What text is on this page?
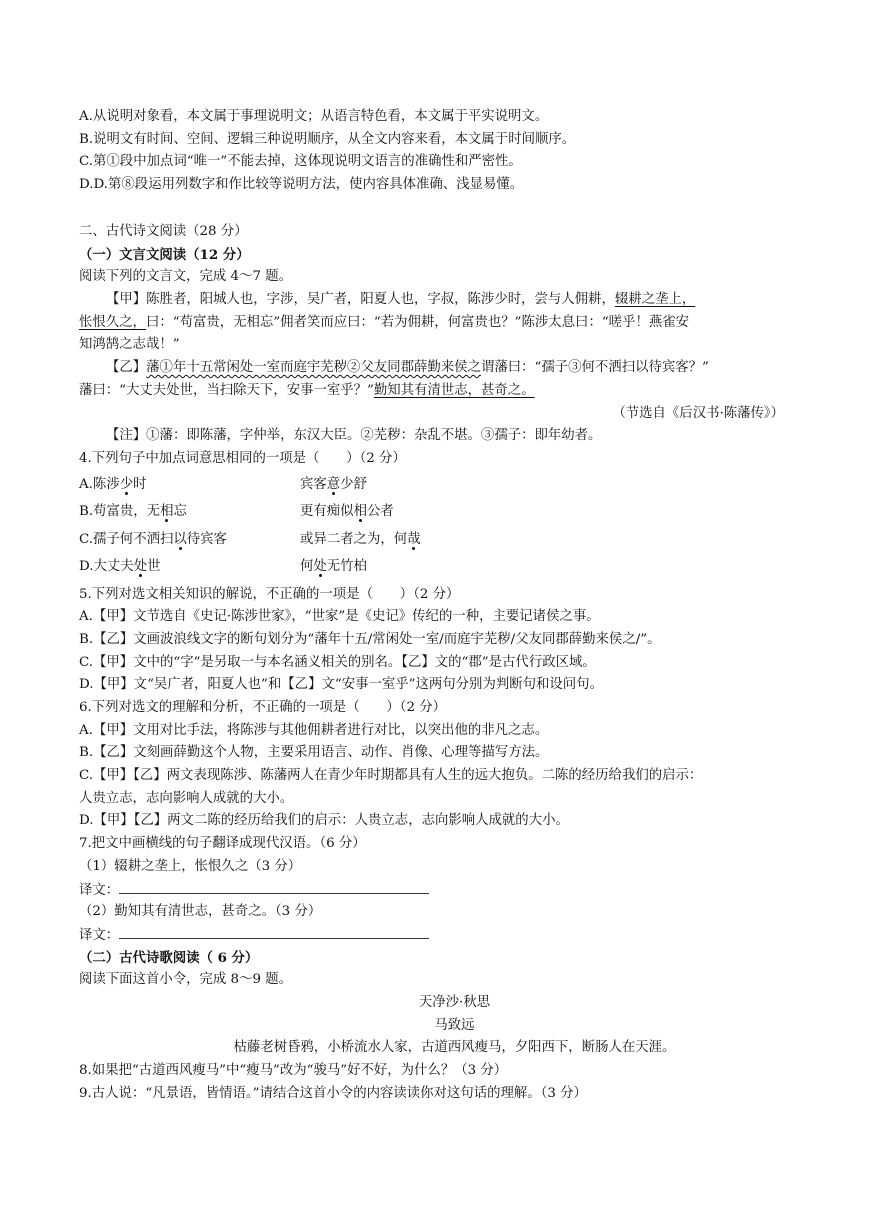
A.从说明对象看，本文属于事理说明文；从语言特色看，本文属于平实说明文。
B.说明文有时间、空间、逻辑三种说明顺序，从全文内容来看，本文属于时间顺序。
C.第①段中加点词“唯一”不能去掉，这体现说明文语言的准确性和严密性。
D.D.第⑧段运用列数字和作比较等说明方法，使内容具体准确、浅显易懂。
二、古代诗文阅读（28 分）
（一）文言文阅读（12 分）
阅读下列的文言文，完成 4～7 题。
【甲】陈胜者，阳城人也，字涉，吴广者，阳夏人也，字叔，陈涉少时，尝与人佣耕，辍耕之垄上，
怅恨久之，曰：“苟富贵，无相忘”佣者笑而应曰：“若为佣耕，何富贵也？”陈涉太息曰：“嗟乎！燕雀安
知鸿鹄之志哉！”
【乙】藩①年十五常闲处一室而庭宇芜秽②父友同郡薛勤来侯之谓藩曰：“孺子③何不洒扫以待宾客？”
藩曰：“大丈夫处世，当扫除天下，安事一室乎？”勤知其有清世志，甚奇之。
（节选自《后汉书·陈藩传》）
【注】①藩：即陈藩，字仲举，东汉大臣。②芜秽：杂乱不堪。③孺子：即年幼者。
4.下列句子中加点词意思相同的一项是（　　）（2 分）
A.陈涉少时	宾客意少舒
B.苟富贵，无相忘	更有痴似相公者
C.孺子何不洒扫以待宾客	或异二者之为，何哉
D.大丈夫处世	何处无竹柏
5.下列对选文相关知识的解说，不正确的一项是（　　）（2 分）
A.【甲】文节选自《史记·陈涉世家》，“世家”是《史记》传纪的一种，主要记诸侯之事。
B.【乙】文画波浪线文字的断句划分为“藩年十五/常闲处一室/而庭宇芜秽/父友同郡薛勤来侯之/”。
C.【甲】文中的“字”是另取一与本名涵义相关的别名。【乙】文的“郡”是古代行政区域。
D.【甲】文“吴广者，阳夏人也”和【乙】文“安事一室乎”这两句分别为判断句和设问句。
6.下列对选文的理解和分析，不正确的一项是（　　）（2 分）
A.【甲】文用对比手法，将陈涉与其他佣耕者进行对比，以突出他的非凡之志。
B.【乙】文刻画薛勤这个人物，主要采用语言、动作、肖像、心理等描写方法。
C.【甲】【乙】两文表现陈涉、陈藩两人在青少年时期都具有人生的远大抱负。二陈的经历给我们的启示：
人贵立志，志向影响人成就的大小。
D.【甲】【乙】两文二陈的经历给我们的启示：人贵立志，志向影响人成就的大小。
7.把文中画横线的句子翻译成现代汉语。（6 分）
（1）辍耕之垄上，怅恨久之（3 分）
译文：
（2）勤知其有清世志，甚奇之。（3 分）
译文：
（二）古代诗歌阅读（ 6 分）
阅读下面这首小令，完成 8～9 题。
天净沙·秋思
马致远
枯藤老树昏鸦，小桥流水人家，古道西风瘦马，夕阳西下，断肠人在天涯。
8.如果把“古道西风瘦马”中“瘦马”改为“骏马”好不好，为什么？（3 分）
9.古人说：“凡景语，皆情语。”请结合这首小令的内容读读你对这句话的理解。（3 分）
